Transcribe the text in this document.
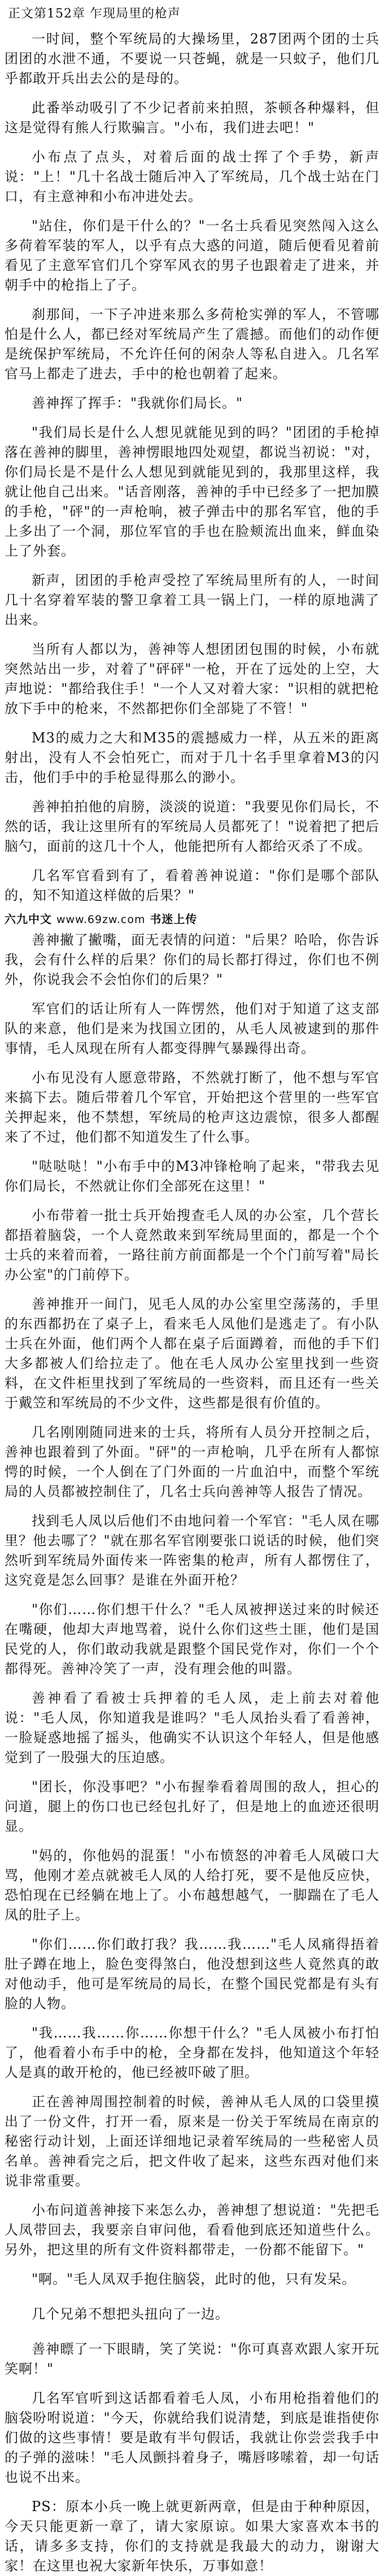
正文第152章 乍现局里的枪声
一时间，整个军统局的大操场里，287团两个团的士兵团团的水泄不通，不要说一只苍蝇，就是一只蚊子，他们几乎都敢开兵出去公的是母的。
此番举动吸引了不少记者前来拍照，茶顿各种爆料，但这是觉得有熊人行欺骗言。"小布，我们进去吧！"
小布点了点头，对着后面的战士挥了个手势，新声说："上！"几十名战士随后冲入了军统局，几个战士站在门口，有主意神和小布冲进处去。
"站住，你们是干什么的？"一名士兵看见突然闯入这么多荷着军装的军人，以乎有点大惑的问道，随后便看见着前看见了主意军官们几个穿军风衣的男子也跟着走了进来，并朝手中的枪指上了子。
刹那间，一下子冲进来那么多荷枪实弹的军人，不管哪怕是什么人，都已经对军统局产生了震撼。而他们的动作便是统保护军统局，不允许任何的闲杂人等私自进入。几名军官马上都走了进去，手中的枪也朝着了起来。
善神挥了挥手："我就你们局长。"
"我们局长是什么人想见就能见到的吗？"团团的手枪掉落在善神的脚里，善神愣眼地四处观望，都说当初说："对，你们局长是不是什么人想见到就能见到的，我那里这样，我就让他自己出来。"话音刚落，善神的手中已经多了一把加膜的手枪，"砰"的一声枪响，被子弹击中的那名军官，他的手上多出了一个洞，那位军官的手也在脸颊流出血来，鲜血染上了外套。
新声，团团的手枪声受控了军统局里所有的人，一时间几十名穿着军装的警卫拿着工具一锅上门，一样的原地满了出来。
当所有人都以为，善神等人想团团包围的时候，小布就突然站出一步，对着了"砰砰"一枪，开在了远处的上空，大声地说："都给我住手！"一个人又对着大家："识相的就把枪放下手中的枪来，不然都把你们全部毙了不管！"
M3的威力之大和M35的震撼威力一样，从五米的距离射出，没有人不会怕死亡，而对于几十名手里拿着M3的闪击，他们手中的手枪显得那么的渺小。
善神拍拍他的肩膀，淡淡的说道："我要见你们局长，不然的话，我让这里所有的军统局人员都死了！"说着把了把后脑勺，面前的这几十个人，他能把所有人都给灭杀了不成。
几名军官看到有了，看着善神说道："你们是哪个部队的，知不知道这样做的后果？"
六九中文 www.69zw.com 书迷上传
善神撇了撇嘴，面无表情的问道："后果？哈哈，你告诉我，会有什么样的后果？你们的局长都打得过，你们也不例外，你说我会不会怕你们的后果？"
军官们的话让所有人一阵愣然，他们对于知道了这支部队的来意，他们是来为找国立团的，从毛人凤被逮到的那件事情，毛人凤现在所有人都变得脾气暴躁得出奇。
小布见没有人愿意带路，不然就打断了，他不想与军官来搞下去。随后带着几个军官，开始把这个营里的一些军官关押起来，他不禁想，军统局的枪声这边震惊，很多人都醒来了不过，他们都不知道发生了什么事。
"哒哒哒！"小布手中的M3冲锋枪响了起来，"带我去见你们局长，不然就让你们全部死在这里！"
小布带着一批士兵开始搜查毛人凤的办公室，几个营长都捂着脑袋，一个人竟然敢来到军统局里面的，都是一个个士兵的来着而着，一路往前方前面都是一个个门前写着"局长办公室"的门前停下。
善神推开一间门，见毛人凤的办公室里空荡荡的，手里的东西都扔在了桌子上，看来毛人凤他们是逃走了。有小队士兵在外面，他们两个人都在桌子后面蹲着，而他的手下们大多都被人们给拉走了。他在毛人凤办公室里找到一些资料，在文件柜里找到了军统局的一些资料，而且还有一些关于戴笠和军统局的不少文件，这些都是很有价值的。
几名刚刚随同进来的士兵，将所有人员分开控制之后，善神也跟着到了外面。"砰"的一声枪响，几乎在所有人都惊愕的时候，一个人倒在了门外面的一片血泊中，而整个军统局的人员都被控制住了，几名士兵向善神等人报告了情况。
找到毛人凤以后他们不由地问着一个军官："毛人凤在哪里？他去哪了？"就在那名军官刚要张口说话的时候，他们突然听到军统局外面传来一阵密集的枪声，所有人都愣住了，这究竟是怎么回事？是谁在外面开枪？
"你们……你们想干什么？"毛人凤被押送过来的时候还在嘴硬，他却大声地骂着，说什么你们这些土匪，他们是国民党的人，你们敢动我就是跟整个国民党作对，你们一个个都得死。善神冷笑了一声，没有理会他的叫嚣。
善神看了看被士兵押着的毛人凤，走上前去对着他说："毛人凤，你知道我是谁吗？"毛人凤抬头看了看善神，一脸疑惑地摇了摇头，他确实不认识这个年轻人，但是他感觉到了一股强大的压迫感。
"团长，你没事吧？"小布握拳看着周围的敌人，担心的问道，腿上的伤口也已经包扎好了，但是地上的血迹还很明显。
"妈的，你他妈的混蛋！"小布愤怒的冲着毛人凤破口大骂，他刚才差点就被毛人凤的人给打死，要不是他反应快，恐怕现在已经躺在地上了。小布越想越气，一脚踹在了毛人凤的肚子上。
"你们……你们敢打我？我……我……"毛人凤痛得捂着肚子蹲在地上，脸色变得煞白，他没想到这些人竟然真的敢对他动手，他可是军统局的局长，在整个国民党都是有头有脸的人物。
"我……我……你……你想干什么？"毛人凤被小布打怕了，他看着小布手中的枪，全身都在发抖，他知道这个年轻人是真的敢开枪的，他已经被吓破了胆。
正在善神周围控制着的时候，善神从毛人凤的口袋里摸出了一份文件，打开一看，原来是一份关于军统局在南京的秘密行动计划，上面还详细地记录着军统局的一些秘密人员名单。善神看完之后，把文件收了起来，这些东西对他们来说非常重要。
小布问道善神接下来怎么办，善神想了想说道："先把毛人凤带回去，我要亲自审问他，看看他到底还知道些什么。另外，把这里的所有文件资料都带走，一份都不能留下。"
"啊。"毛人凤双手抱住脑袋，此时的他，只有发呆。
几个兄弟不想把头扭向了一边。
善神瞟了一下眼睛，笑了笑说："你可真喜欢跟人家开玩笑啊！"
几名军官听到这话都看着毛人凤，小布用枪指着他们的脑袋吩咐说道："今天，你就给我们说清楚，到底是谁指使你们做的这些事情！要是敢有半句假话，我就让你尝尝我手中的子弹的滋味！"毛人凤颤抖着身子，嘴唇哆嗦着，却一句话也说不出来。
PS：原本小兵一晚上就更新两章，但是由于种种原因，今天只能更新一章了，请大家原谅。如果大家喜欢本书的话，请多多支持，你们的支持就是我最大的动力，谢谢大家！在这里也祝大家新年快乐，万事如意！
